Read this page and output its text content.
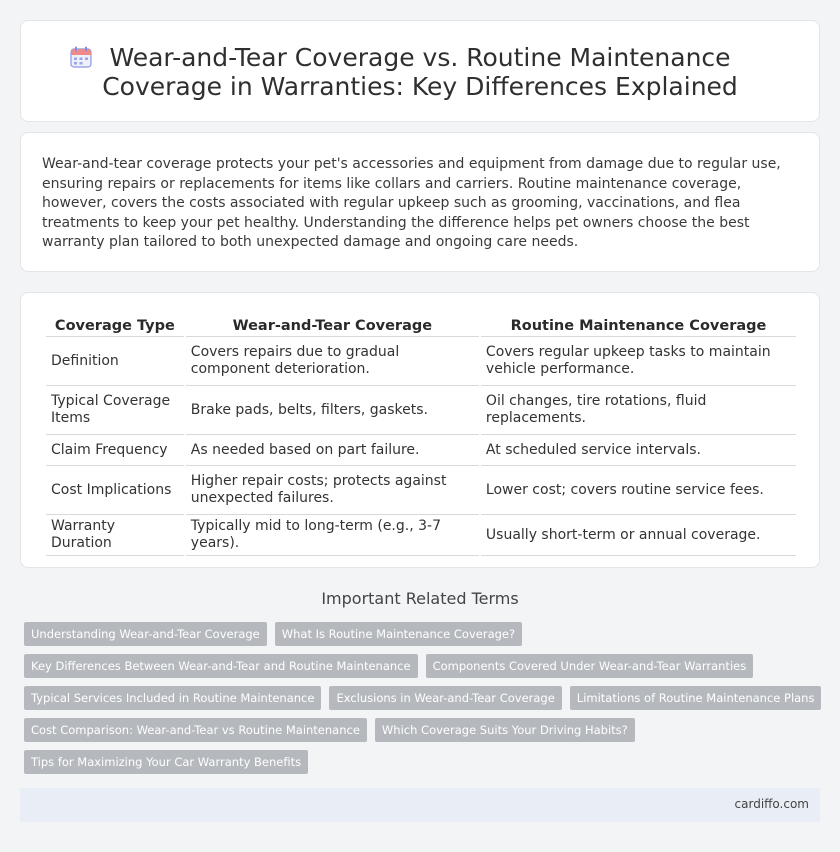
Wear-and-Tear Coverage vs. Routine Maintenance Coverage in Warranties: Key Differences Explained

Wear-and-tear coverage protects your pet's accessories and equipment from damage due to regular use, ensuring repairs or replacements for items like collars and carriers. Routine maintenance coverage, however, covers the costs associated with regular upkeep such as grooming, vaccinations, and flea treatments to keep your pet healthy. Understanding the difference helps pet owners choose the best warranty plan tailored to both unexpected damage and ongoing care needs.

Coverage Type	Wear-and-Tear Coverage	Routine Maintenance Coverage
Definition	Covers repairs due to gradual component deterioration.	Covers regular upkeep tasks to maintain vehicle performance.
Typical Coverage Items	Brake pads, belts, filters, gaskets.	Oil changes, tire rotations, fluid replacements.
Claim Frequency	As needed based on part failure.	At scheduled service intervals.
Cost Implications	Higher repair costs; protects against unexpected failures.	Lower cost; covers routine service fees.
Warranty Duration	Typically mid to long-term (e.g., 3-7 years).	Usually short-term or annual coverage.
Important Related Terms
Understanding Wear-and-Tear Coverage	What Is Routine Maintenance Coverage?
Key Differences Between Wear-and-Tear and Routine Maintenance	Components Covered Under Wear-and-Tear Warranties
Typical Services Included in Routine Maintenance	Exclusions in Wear-and-Tear Coverage	Limitations of Routine Maintenance Plans
Cost Comparison: Wear-and-Tear vs Routine Maintenance	Which Coverage Suits Your Driving Habits?
Tips for Maximizing Your Car Warranty Benefits
cardiffo.com
